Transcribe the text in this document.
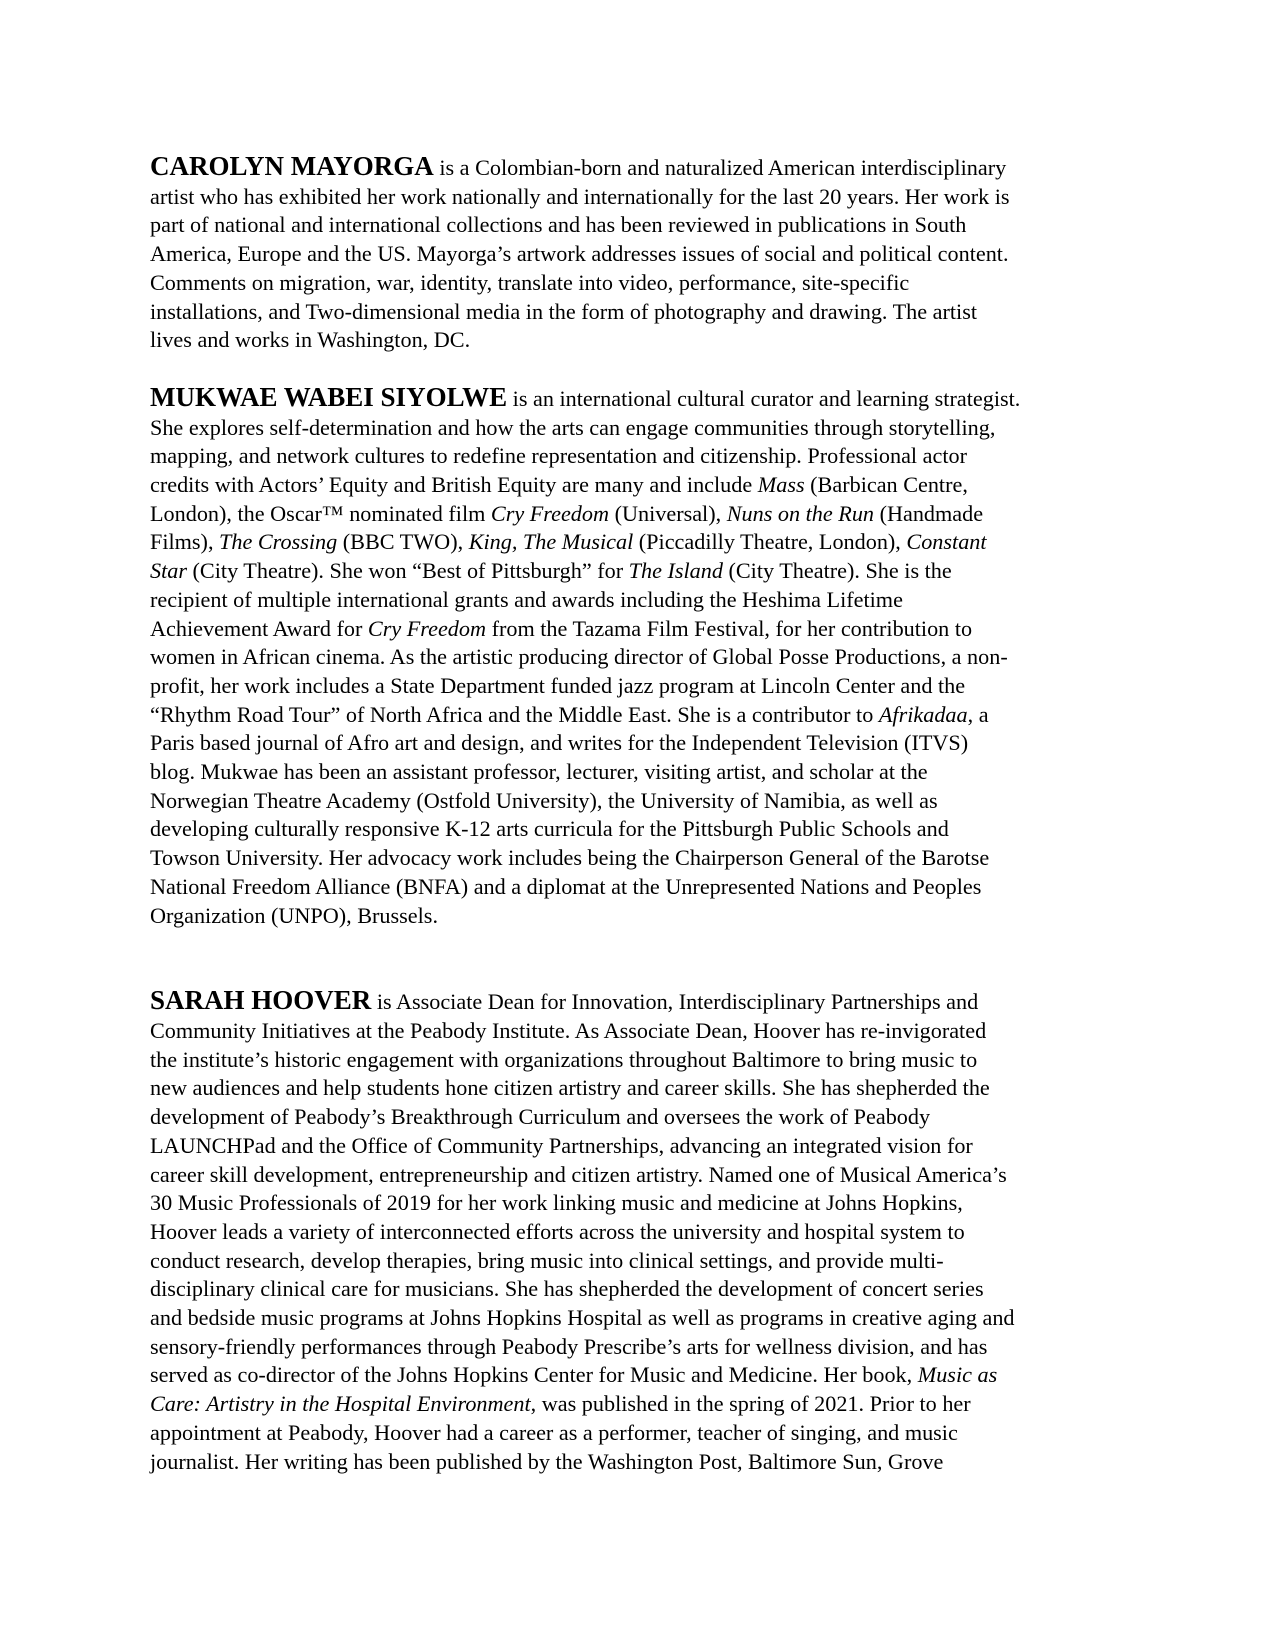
CAROLYN MAYORGA is a Colombian-born and naturalized American interdisciplinary
artist who has exhibited her work nationally and internationally for the last 20 years. Her work is
part of national and international collections and has been reviewed in publications in South
America, Europe and the US. Mayorga’s artwork addresses issues of social and political content.
Comments on migration, war, identity, translate into video, performance, site-specific
installations, and Two-dimensional media in the form of photography and drawing. The artist
lives and works in Washington, DC.

MUKWAE WABEI SIYOLWE is an international cultural curator and learning strategist.
She explores self-determination and how the arts can engage communities through storytelling,
mapping, and network cultures to redefine representation and citizenship. Professional actor
credits with Actors’ Equity and British Equity are many and include Mass (Barbican Centre,
London), the Oscar™ nominated film Cry Freedom (Universal), Nuns on the Run (Handmade
Films), The Crossing (BBC TWO), King, The Musical (Piccadilly Theatre, London), Constant
Star (City Theatre). She won “Best of Pittsburgh” for The Island (City Theatre). She is the
recipient of multiple international grants and awards including the Heshima Lifetime
Achievement Award for Cry Freedom from the Tazama Film Festival, for her contribution to
women in African cinema. As the artistic producing director of Global Posse Productions, a non-
profit, her work includes a State Department funded jazz program at Lincoln Center and the
“Rhythm Road Tour” of North Africa and the Middle East. She is a contributor to Afrikadaa, a
Paris based journal of Afro art and design, and writes for the Independent Television (ITVS)
blog. Mukwae has been an assistant professor, lecturer, visiting artist, and scholar at the
Norwegian Theatre Academy (Ostfold University), the University of Namibia, as well as
developing culturally responsive K-12 arts curricula for the Pittsburgh Public Schools and
Towson University. Her advocacy work includes being the Chairperson General of the Barotse
National Freedom Alliance (BNFA) and a diplomat at the Unrepresented Nations and Peoples
Organization (UNPO), Brussels.

SARAH HOOVER is Associate Dean for Innovation, Interdisciplinary Partnerships and
Community Initiatives at the Peabody Institute. As Associate Dean, Hoover has re-invigorated
the institute’s historic engagement with organizations throughout Baltimore to bring music to
new audiences and help students hone citizen artistry and career skills. She has shepherded the
development of Peabody’s Breakthrough Curriculum and oversees the work of Peabody
LAUNCHPad and the Office of Community Partnerships, advancing an integrated vision for
career skill development, entrepreneurship and citizen artistry. Named one of Musical America’s
30 Music Professionals of 2019 for her work linking music and medicine at Johns Hopkins,
Hoover leads a variety of interconnected efforts across the university and hospital system to
conduct research, develop therapies, bring music into clinical settings, and provide multi-
disciplinary clinical care for musicians. She has shepherded the development of concert series
and bedside music programs at Johns Hopkins Hospital as well as programs in creative aging and
sensory-friendly performances through Peabody Prescribe’s arts for wellness division, and has
served as co-director of the Johns Hopkins Center for Music and Medicine. Her book, Music as
Care: Artistry in the Hospital Environment, was published in the spring of 2021. Prior to her
appointment at Peabody, Hoover had a career as a performer, teacher of singing, and music
journalist. Her writing has been published by the Washington Post, Baltimore Sun, Grove
